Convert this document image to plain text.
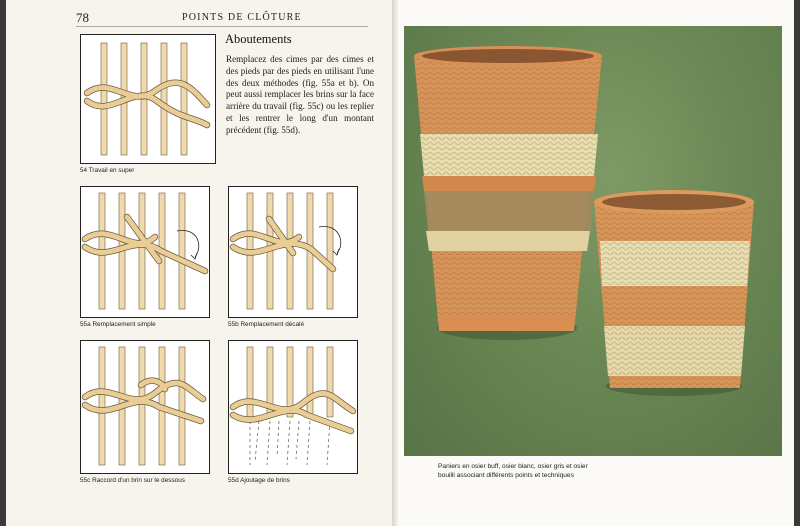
78	POINTS DE CLÔTURE
Aboutements
Remplacez des cimes par des cimes et des pieds par des pieds en utilisant l'une des deux méthodes (fig. 55a et b). On peut aussi remplacer les brins sur la face arrière du travail (fig. 55c) ou les replier et les rentrer le long d'un montant précédent (fig. 55d).
54 Travail en super
55a Remplacement simple	55b Remplacement décalé
55c Raccord d'un brin sur le dessous	55d Ajoutage de brins
Paniers en osier buff, osier blanc, osier gris et osier bouilli associant différents points et techniques
